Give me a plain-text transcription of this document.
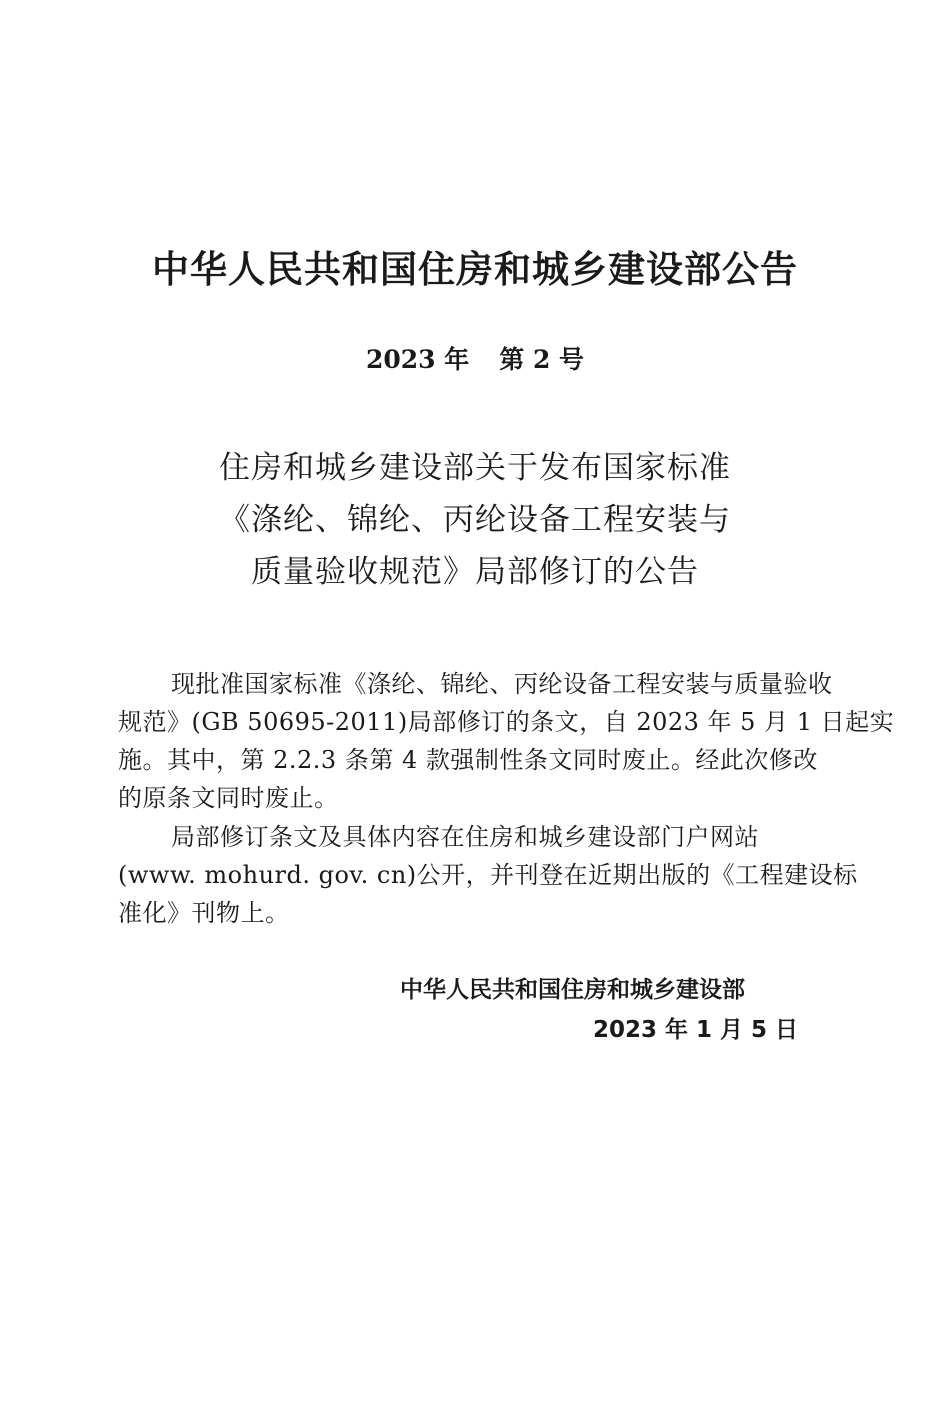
中华人民共和国住房和城乡建设部公告
2023 年 第 2 号
住房和城乡建设部关于发布国家标准
《涤纶、锦纶、丙纶设备工程安装与
质量验收规范》局部修订的公告
现批准国家标准《涤纶、锦纶、丙纶设备工程安装与质量验收
规范》(GB 50695-2011)局部修订的条文，自 2023 年 5 月 1 日起实
施。其中，第 2.2.3 条第 4 款强制性条文同时废止。经此次修改
的原条文同时废止。
局部修订条文及具体内容在住房和城乡建设部门户网站
(www. mohurd. gov. cn)公开，并刊登在近期出版的《工程建设标
准化》刊物上。
中华人民共和国住房和城乡建设部
2023 年 1 月 5 日
